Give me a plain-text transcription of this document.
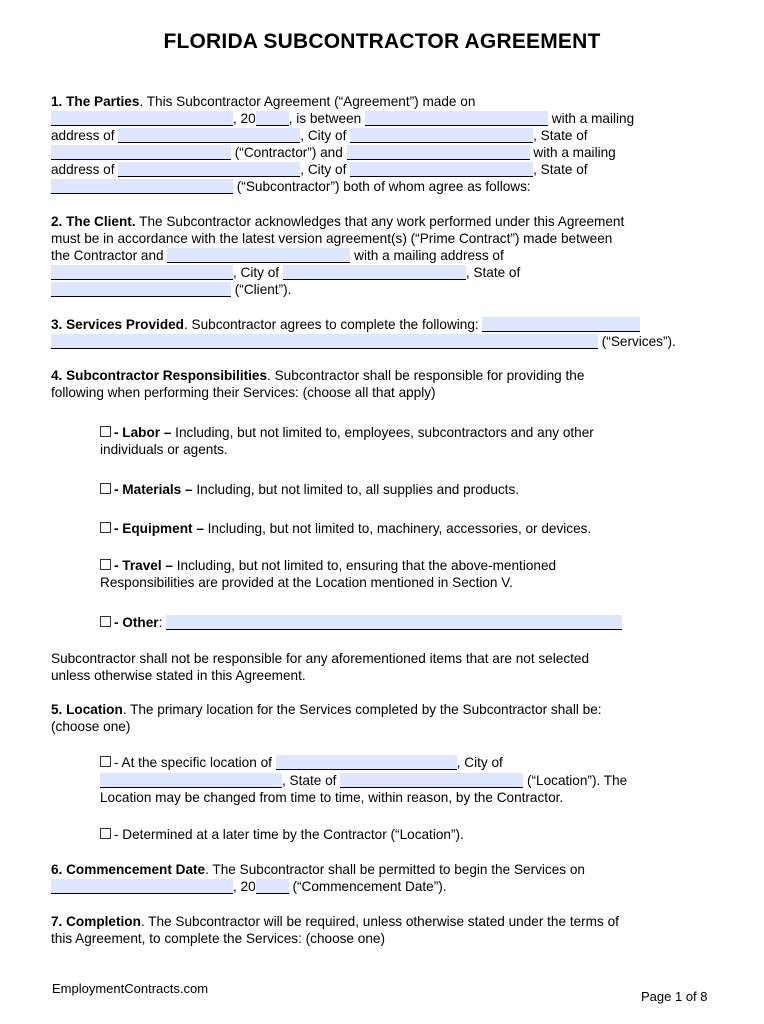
FLORIDA SUBCONTRACTOR AGREEMENT
1. The Parties. This Subcontractor Agreement (“Agreement”) made on
, 20 , is between	with a mailing
address of	, City of	, State of
(“Contractor”) and	with a mailing
address of	, City of	, State of
(“Subcontractor”) both of whom agree as follows:
2. The Client. The Subcontractor acknowledges that any work performed under this Agreement
must be in accordance with the latest version agreement(s) (“Prime Contract”) made between
the Contractor and	with a mailing address of
, City of	, State of
(“Client”).
3. Services Provided. Subcontractor agrees to complete the following:
(“Services”).
4. Subcontractor Responsibilities. Subcontractor shall be responsible for providing the
following when performing their Services: (choose all that apply)
- Labor – Including, but not limited to, employees, subcontractors and any other
individuals or agents.
- Materials – Including, but not limited to, all supplies and products.
- Equipment – Including, but not limited to, machinery, accessories, or devices.
- Travel – Including, but not limited to, ensuring that the above-mentioned
Responsibilities are provided at the Location mentioned in Section V.
- Other:
Subcontractor shall not be responsible for any aforementioned items that are not selected
unless otherwise stated in this Agreement.
5. Location. The primary location for the Services completed by the Subcontractor shall be:
(choose one)
- At the specific location of	, City of
, State of	(“Location”). The
Location may be changed from time to time, within reason, by the Contractor.
- Determined at a later time by the Contractor (“Location”).
6. Commencement Date. The Subcontractor shall be permitted to begin the Services on
, 20	(“Commencement Date”).
7. Completion. The Subcontractor will be required, unless otherwise stated under the terms of
this Agreement, to complete the Services: (choose one)
EmploymentContracts.com
Page 1 of 8
